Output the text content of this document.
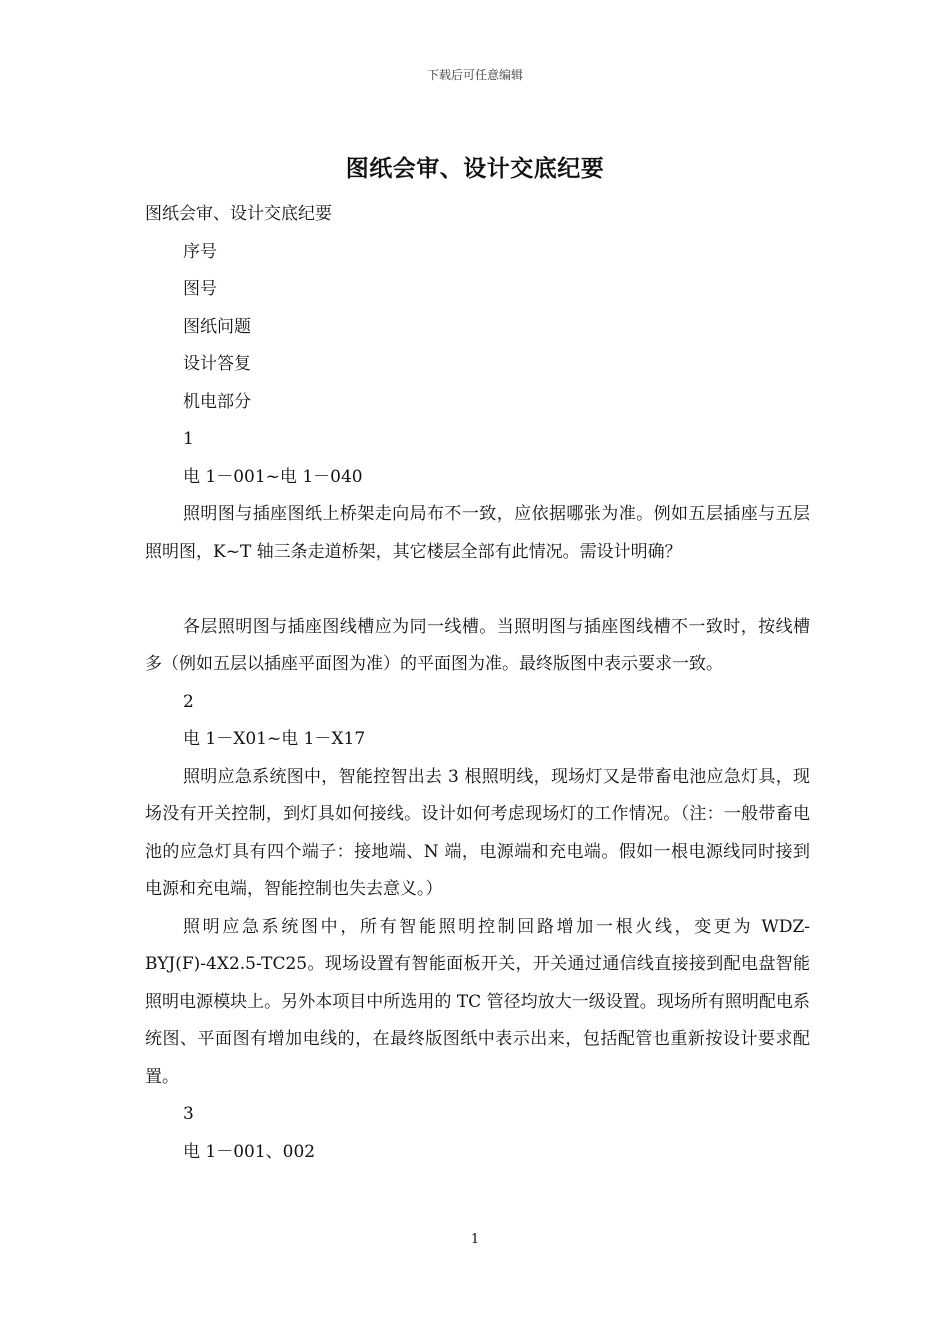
下载后可任意编辑
图纸会审、设计交底纪要

图纸会审、设计交底纪要

序号

图号

图纸问题

设计答复

机电部分

1

电 1－001~电 1－040

照明图与插座图纸上桥架走向局布不一致，应依据哪张为准。例如五层插座与五层照明图，K~T 轴三条走道桥架，其它楼层全部有此情况。需设计明确？

各层照明图与插座图线槽应为同一线槽。当照明图与插座图线槽不一致时，按线槽多（例如五层以插座平面图为准）的平面图为准。最终版图中表示要求一致。

2

电 1－X01~电 1－X17

照明应急系统图中，智能控智出去 3 根照明线，现场灯又是带畜电池应急灯具，现场没有开关控制，到灯具如何接线。设计如何考虑现场灯的工作情况。（注：一般带畜电池的应急灯具有四个端子：接地端、N 端，电源端和充电端。假如一根电源线同时接到电源和充电端，智能控制也失去意义。）

照明应急系统图中，所有智能照明控制回路增加一根火线，变更为 WDZ-BYJ(F)-4X2.5-TC25。现场设置有智能面板开关，开关通过通信线直接接到配电盘智能照明电源模块上。另外本项目中所选用的 TC 管径均放大一级设置。现场所有照明配电系统图、平面图有增加电线的，在最终版图纸中表示出来，包括配管也重新按设计要求配置。

3

电 1－001、002

1
